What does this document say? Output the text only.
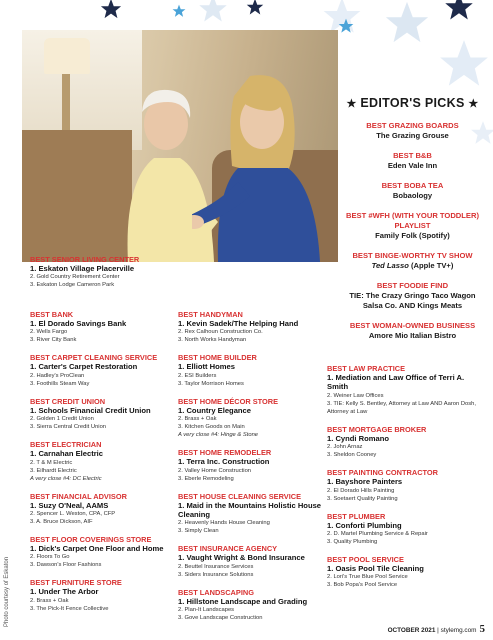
Photo courtesy of Eskaton
★ EDITOR'S PICKS ★
BEST GRAZING BOARDS
The Grazing Grouse
BEST B&B
Eden Vale Inn
BEST BOBA TEA
Bobaology
BEST #WFH (WITH YOUR TODDLER) PLAYLIST
Family Folk (Spotify)
BEST BINGE-WORTHY TV SHOW
Ted Lasso (Apple TV+)
BEST FOODIE FIND
TIE: The Crazy Gringo Taco Wagon Salsa Co. AND Kings Meats
BEST WOMAN-OWNED BUSINESS
Amore Mio Italian Bistro
BEST SENIOR LIVING CENTER
1. Eskaton Village Placerville
2. Gold Country Retirement Center
3. Eskaton Lodge Cameron Park
BEST BANK
1. El Dorado Savings Bank
2. Wells Fargo
3. River City Bank
BEST CARPET CLEANING SERVICE
1. Carter's Carpet Restoration
2. Hadley's ProClean
3. Foothills Steam Way
BEST CREDIT UNION
1. Schools Financial Credit Union
2. Golden 1 Credit Union
3. Sierra Central Credit Union
BEST ELECTRICIAN
1. Carnahan Electric
2. T & M Electric
3. Eilhardt Electric
A very close #4: DC Electric
BEST FINANCIAL ADVISOR
1. Suzy O'Neal, AAMS
2. Spencer L. Weston, CPA, CFP
3. A. Bruce Dickson, AIF
BEST FLOOR COVERINGS STORE
1. Dick's Carpet One Floor and Home
2. Floors To Go
3. Dawson's Floor Fashions
BEST FURNITURE STORE
1. Under The Arbor
2. Brass + Oak
3. The Pick-It Fence Collective
BEST HANDYMAN
1. Kevin Sadek/The Helping Hand
2. Rex Calhoun Construction Co.
3. North Works Handyman
BEST HOME BUILDER
1. Elliott Homes
2. ESI Builders
3. Taylor Morrison Homes
BEST HOME DÉCOR STORE
1. Country Elegance
2. Brass + Oak
3. Kitchen Goods on Main
A very close #4: Hinge & Stone
BEST HOME REMODELER
1. Terra Inc. Construction
2. Valley Home Construction
3. Eberle Remodeling
BEST HOUSE CLEANING SERVICE
1. Maid in the Mountains Holistic House Cleaning
2. Heavenly Hands House Cleaning
3. Simply Clean
BEST INSURANCE AGENCY
1. Vaught Wright & Bond Insurance
2. Beuttel Insurance Services
3. Siders Insurance Solutions
BEST LANDSCAPING
1. Hillstone Landscape and Grading
2. Plan-It Landscapes
3. Gove Landscape Construction
BEST LAW PRACTICE
1. Mediation and Law Office of Terri A. Smith
2. Weiner Law Offices
3. TIE: Kelly S. Bentley, Attorney at Law AND Aaron Dosh, Attorney at Law
BEST MORTGAGE BROKER
1. Cyndi Romano
2. John Arnaz
3. Sheldon Cooney
BEST PAINTING CONTRACTOR
1. Bayshore Painters
2. El Dorado Hills Painting
3. Soetaert Quality Painting
BEST PLUMBER
1. Conforti Plumbing
2. D. Martel Plumbing Service & Repair
3. Quality Plumbing
BEST POOL SERVICE
1. Oasis Pool Tile Cleaning
2. Lori's True Blue Pool Service
3. Bob Popa's Pool Service
OCTOBER 2021 | stylemg.com 5
